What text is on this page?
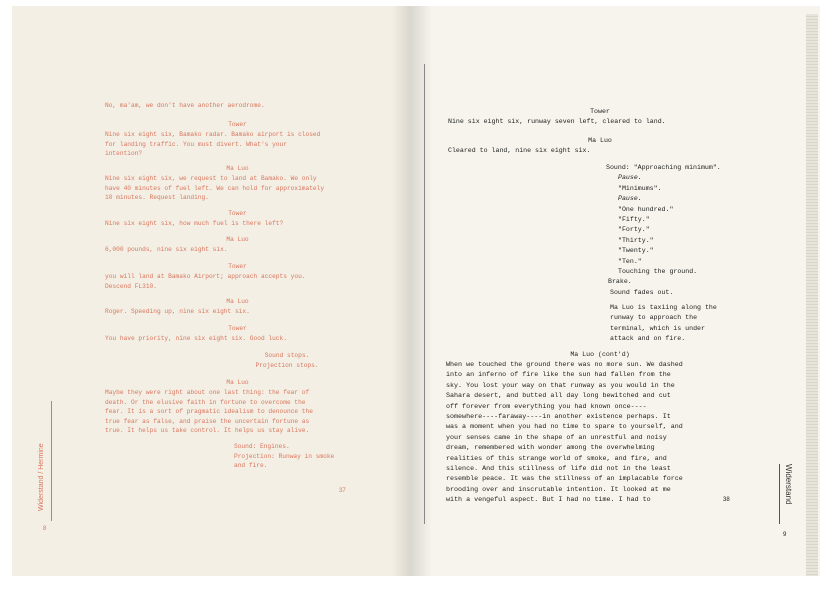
No, ma'am, we don't have another aerodrome.
Tower
Nine six eight six, Bamako radar. Bamako airport is closed
for landing traffic. You must divert. What's your
intention?
Ma Luo
Nine six eight six, we request to land at Bamako. We only
have 40 minutes of fuel left. We can hold for approximately
10 minutes. Request landing.
Tower
Nine six eight six, how much fuel is there left?
Ma Luo
6,000 pounds, nine six eight six.
Tower
you will land at Bamako Airport; approach accepts you.
Descend FL310.
Ma Luo
Roger. Speeding up, nine six eight six.
Tower
You have priority, nine six eight six. Good luck.
Sound stops.
Projection stops.
Ma Luo
Maybe they were right about one last thing: the fear of
death. Or the elusive faith in fortune to overcome the
fear. It is a sort of pragmatic idealism to denounce the
true fear as false, and praise the uncertain fortune as
true. It helps us take control. It helps us stay alive.
Sound: Engines.
Projection: Runway in smoke
and fire.
37
Widerstand / Hermine
8
Tower
Nine six eight six, runway seven left, cleared to land.
Ma Luo
Cleared to land, nine six eight six.
Sound: "Approaching minimum".
Pause.
"Minimums".
Pause.
"One hundred."
"Fifty."
"Forty."
"Thirty."
"Twenty."
"Ten."
Touching the ground.
Brake.
Sound fades out.
Ma Luo is taxiing along the
runway to approach the
terminal, which is under
attack and on fire.
Ma Luo (cont'd)
When we touched the ground there was no more sun. We dashed
into an inferno of fire like the sun had fallen from the
sky. You lost your way on that runway as you would in the
Sahara desert, and butted all day long bewitched and cut
off forever from everything you had known once----
somewhere----faraway----in another existence perhaps. It
was a moment when you had no time to spare to yourself, and
your senses came in the shape of an unrestful and noisy
dream, remembered with wonder among the overwhelming
realities of this strange world of smoke, and fire, and
silence. And this stillness of life did not in the least
resemble peace. It was the stillness of an implacable force
brooding over and inscrutable intention. It looked at me
with a vengeful aspect. But I had no time. I had to	38	Widerstand
9
